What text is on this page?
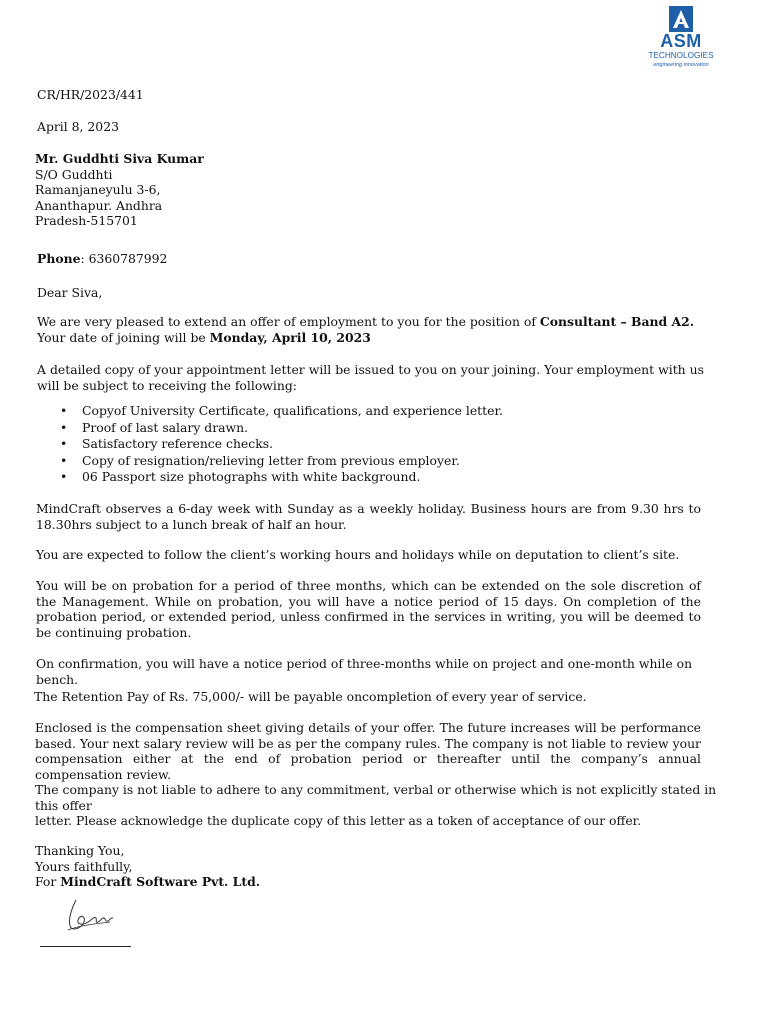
ASM
TECHNOLOGIES
engineering innovation

CR/HR/2023/441

April 8, 2023

Mr. Guddhti Siva Kumar
S/O Guddhti
Ramanjaneyulu 3-6,
Ananthapur. Andhra
Pradesh-515701

Phone: 6360787992

Dear Siva,

We are very pleased to extend an offer of employment to you for the position of Consultant – Band A2.
Your date of joining will be Monday, April 10, 2023

A detailed copy of your appointment letter will be issued to you on your joining. Your employment with us will be subject to receiving the following:

• Copyof University Certificate, qualifications, and experience letter.
• Proof of last salary drawn.
• Satisfactory reference checks.
• Copy of resignation/relieving letter from previous employer.
• 06 Passport size photographs with white background.

MindCraft observes a 6-day week with Sunday as a weekly holiday. Business hours are from 9.30 hrs to 18.30hrs subject to a lunch break of half an hour.

You are expected to follow the client’s working hours and holidays while on deputation to client’s site.

You will be on probation for a period of three months, which can be extended on the sole discretion of the Management. While on probation, you will have a notice period of 15 days. On completion of the probation period, or extended period, unless confirmed in the services in writing, you will be deemed to be continuing probation.

On confirmation, you will have a notice period of three-months while on project and one-month while on bench.

The Retention Pay of Rs. 75,000/- will be payable oncompletion of every year of service.

Enclosed is the compensation sheet giving details of your offer. The future increases will be performance based. Your next salary review will be as per the company rules. The company is not liable to review your compensation either at the end of probation period or thereafter until the company’s annual compensation review.

The company is not liable to adhere to any commitment, verbal or otherwise which is not explicitly stated in this offer

letter. Please acknowledge the duplicate copy of this letter as a token of acceptance of our offer.

Thanking You,
Yours faithfully,
For MindCraft Software Pvt. Ltd.
